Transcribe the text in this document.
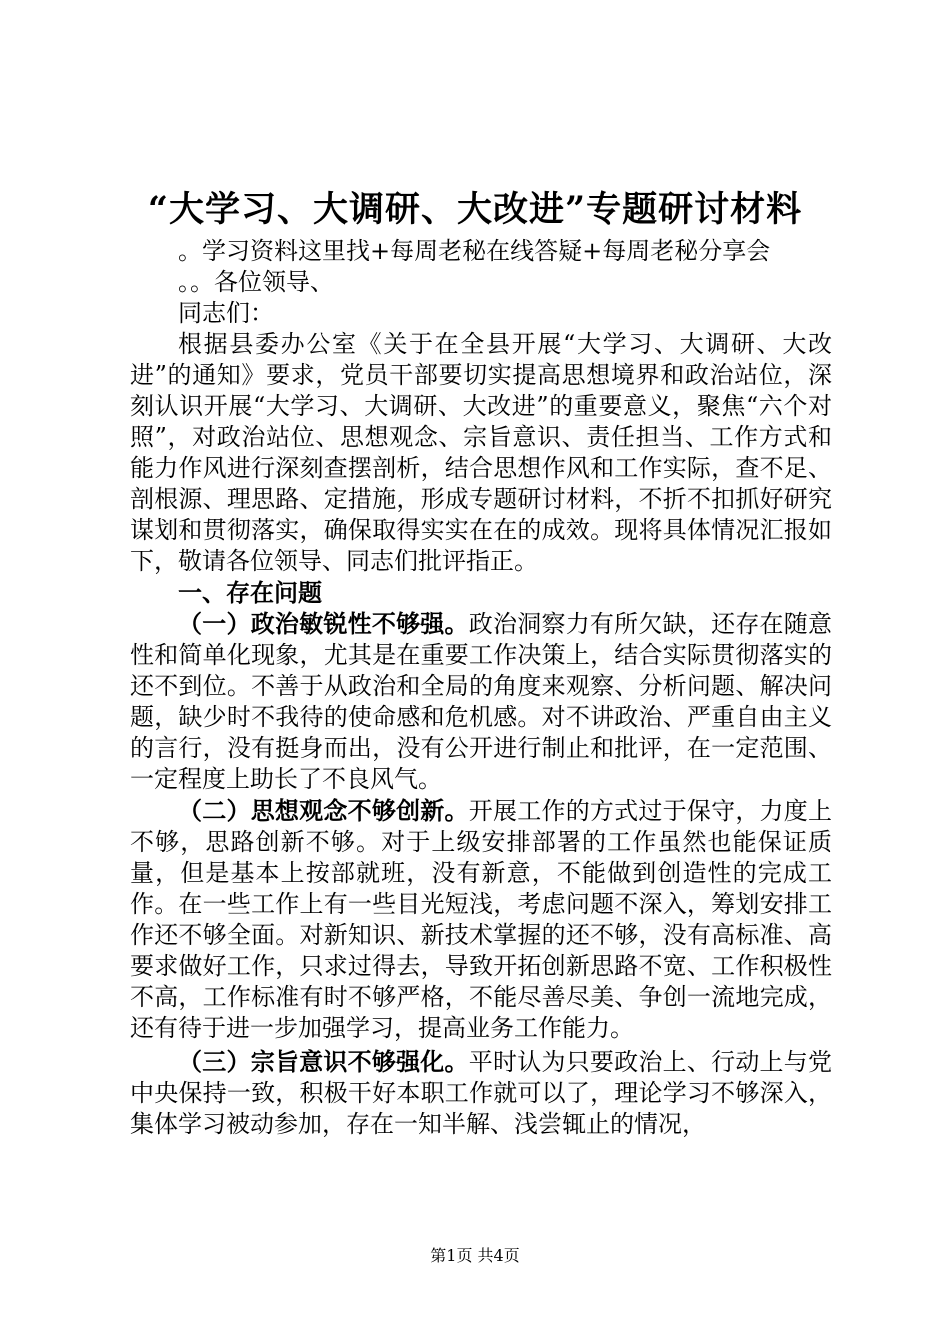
“大学习、大调研、大改进”专题研讨材料

。学习资料这里找+每周老秘在线答疑+每周老秘分享会

。。各位领导、

同志们：

根据县委办公室《关于在全县开展“大学习、大调研、大改进”的通知》要求，党员干部要切实提高思想境界和政治站位，深刻认识开展“大学习、大调研、大改进”的重要意义，聚焦“六个对照”，对政治站位、思想观念、宗旨意识、责任担当、工作方式和能力作风进行深刻查摆剖析，结合思想作风和工作实际，查不足、剖根源、理思路、定措施，形成专题研讨材料，不折不扣抓好研究谋划和贯彻落实，确保取得实实在在的成效。现将具体情况汇报如下，敬请各位领导、同志们批评指正。

一、存在问题

（一）政治敏锐性不够强。政治洞察力有所欠缺，还存在随意性和简单化现象，尤其是在重要工作决策上，结合实际贯彻落实的还不到位。不善于从政治和全局的角度来观察、分析问题、解决问题，缺少时不我待的使命感和危机感。对不讲政治、严重自由主义的言行，没有挺身而出，没有公开进行制止和批评，在一定范围、一定程度上助长了不良风气。

（二）思想观念不够创新。开展工作的方式过于保守，力度上不够，思路创新不够。对于上级安排部署的工作虽然也能保证质量，但是基本上按部就班，没有新意，不能做到创造性的完成工作。在一些工作上有一些目光短浅，考虑问题不深入，筹划安排工作还不够全面。对新知识、新技术掌握的还不够，没有高标准、高要求做好工作，只求过得去，导致开拓创新思路不宽、工作积极性不高，工作标准有时不够严格，不能尽善尽美、争创一流地完成，还有待于进一步加强学习，提高业务工作能力。

（三）宗旨意识不够强化。平时认为只要政治上、行动上与党中央保持一致，积极干好本职工作就可以了，理论学习不够深入，集体学习被动参加，存在一知半解、浅尝辄止的情况，

第1页 共4页
